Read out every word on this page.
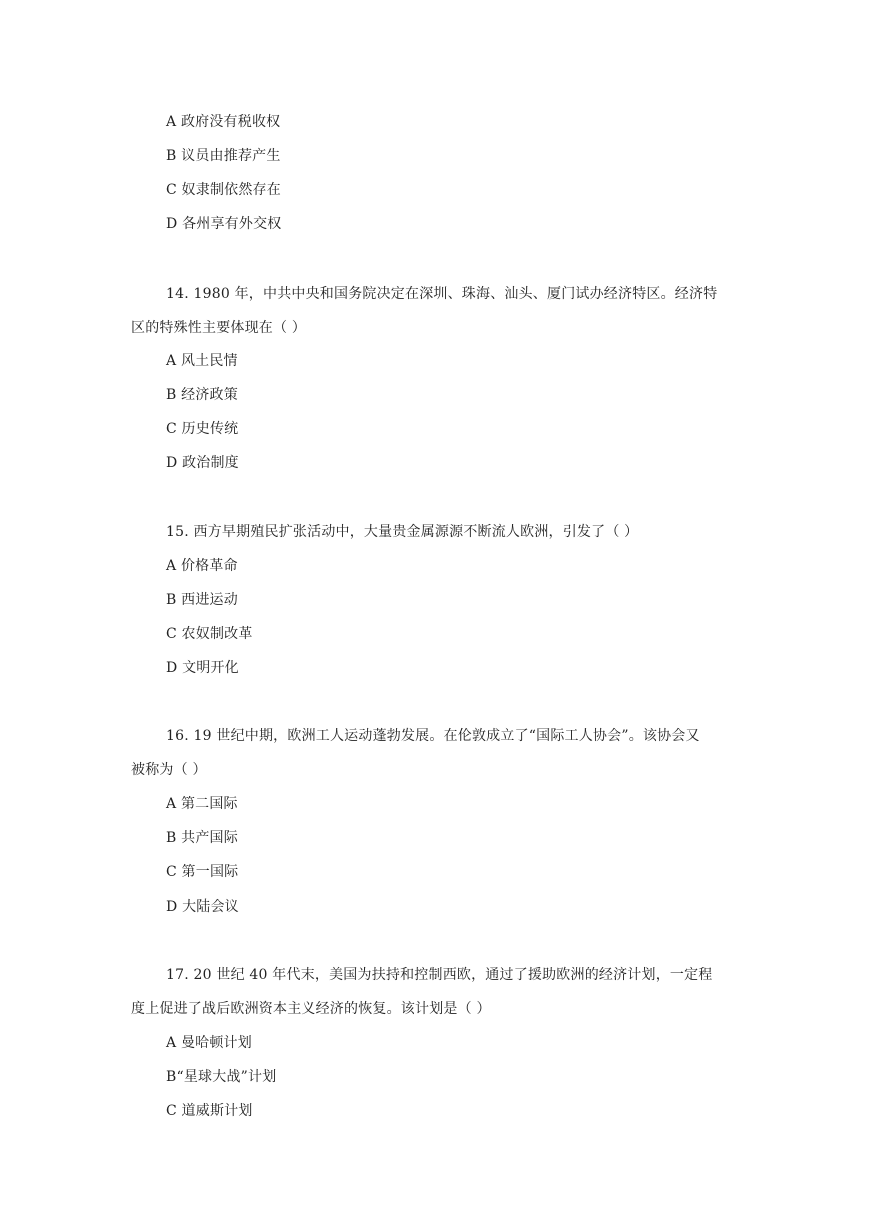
A 政府没有税收权
B 议员由推荐产生
C 奴隶制依然存在
D 各州享有外交权
14. 1980 年，中共中央和国务院决定在深圳、珠海、汕头、厦门试办经济特区。经济特
区的特殊性主要体现在（ ）
A 风土民情
B 经济政策
C 历史传统
D 政治制度
15. 西方早期殖民扩张活动中，大量贵金属源源不断流人欧洲，引发了（ ）
A 价格革命
B 西进运动
C 农奴制改革
D 文明开化
16. 19 世纪中期，欧洲工人运动蓬勃发展。在伦敦成立了“国际工人协会”。该协会又
被称为（ ）
A 第二国际
B 共产国际
C 第一国际
D 大陆会议
17. 20 世纪 40 年代末，美国为扶持和控制西欧，通过了援助欧洲的经济计划，一定程
度上促进了战后欧洲资本主义经济的恢复。该计划是（ ）
A 曼哈顿计划
B“星球大战”计划
C 道威斯计划
